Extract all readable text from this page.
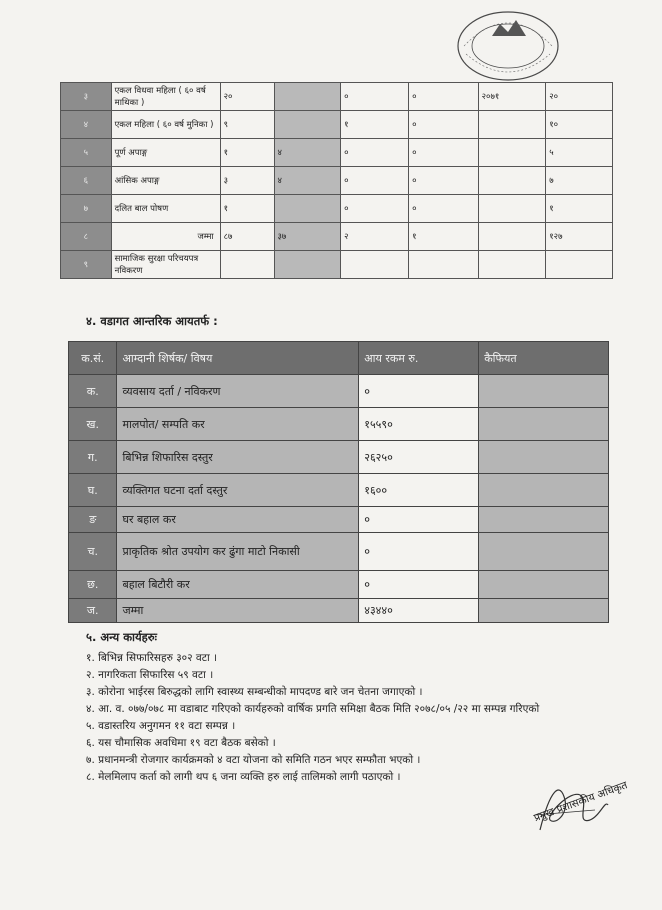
३	एकल विधवा महिला ( ६० वर्ष माथिका )	२०		०	०	२०७१	२०
४	एकल महिला ( ६० वर्ष मुनिका )	९		१	०		१०
५	पूर्ण अपाङ्ग	१	४	०	०		५
६	आंसिक अपाङ्ग	३	४	०	०		७
७	दलित बाल पोषण	१		०	०		१
८	जम्मा	८७	३७	२	१		१२७
९	सामाजिक सुरक्षा परिचयपत्र नविकरण						
४. वडागत आन्तरिक आयतर्फ :
क.सं.	आम्दानी शिर्षक/ विषय	आय रकम रु.	कैफियत
क.	व्यवसाय दर्ता / नविकरण	०	
ख.	मालपोत/ सम्पति कर	१५५९०	
ग.	बिभिन्न शिफारिस दस्तुर	२६२५०	
घ.	व्यक्तिगत घटना दर्ता दस्तुर	१६००	
ङ	घर बहाल कर	०	
च.	प्राकृतिक श्रोत उपयोग कर ढुंगा माटो निकासी	०	
छ.	बहाल बिटौरी कर	०	
ज.	जम्मा	४३४४०	
५. अन्य कार्यहरुः
१. बिभिन्न सिफारिसहरु ३०२ वटा ।
२. नागरिकता सिफारिस ५९ वटा ।
३. कोरोना भाईरस बिरुद्धको लागि स्वास्थ्य सम्बन्धीको मापदण्ड बारे जन चेतना जगाएको ।
४. आ. व. ०७७/०७८ मा वडाबाट गरिएको कार्यहरुको वार्षिक प्रगति समिक्षा बैठक मिति २०७८/०५ /२२ मा सम्पन्न गरिएको
५. वडास्तरिय अनुगमन ११ वटा सम्पन्न ।
६. यस चौमासिक अवधिमा १९ वटा बैठक बसेको ।
७. प्रधानमन्त्री रोजगार कार्यक्रमको ४ वटा योजना को समिति गठन भएर सम्फौता भएको ।
८. मेलमिलाप कर्ता को लागी थप ६ जना व्यक्ति हरु लाई तालिमको लागी पठाएको ।
प्रमुख प्रशासकीय अधिकृत
